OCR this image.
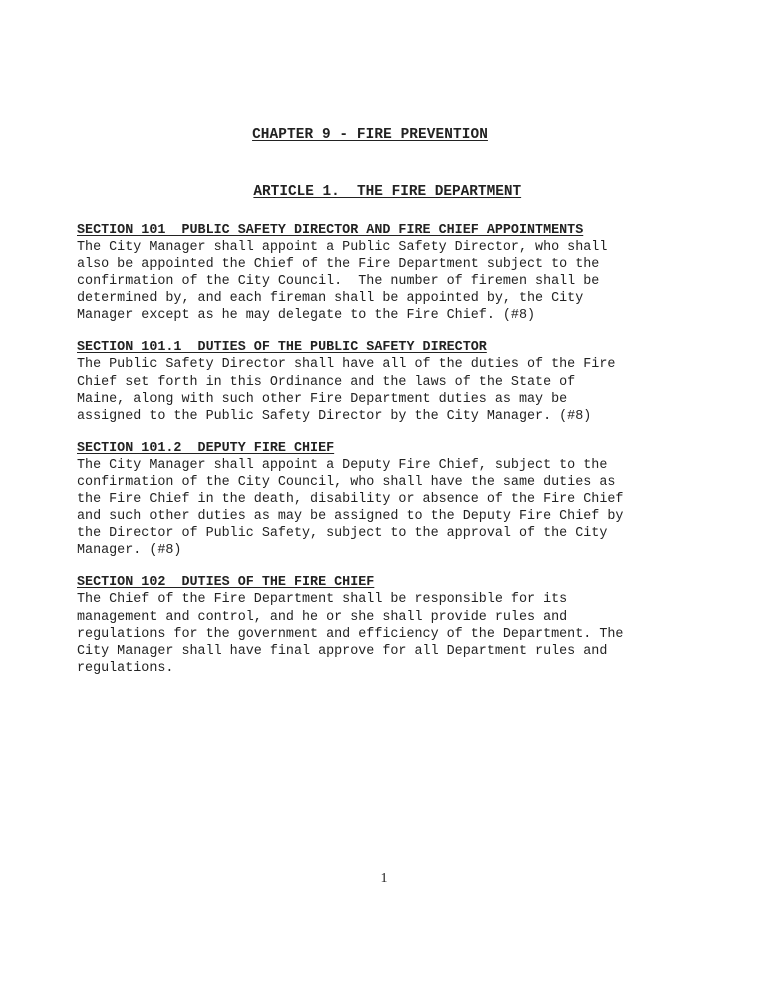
CHAPTER 9 - FIRE PREVENTION

ARTICLE 1.  THE FIRE DEPARTMENT

SECTION 101  PUBLIC SAFETY DIRECTOR AND FIRE CHIEF APPOINTMENTS
The City Manager shall appoint a Public Safety Director, who shall
also be appointed the Chief of the Fire Department subject to the
confirmation of the City Council.  The number of firemen shall be
determined by, and each fireman shall be appointed by, the City
Manager except as he may delegate to the Fire Chief. (#8)
SECTION 101.1  DUTIES OF THE PUBLIC SAFETY DIRECTOR
The Public Safety Director shall have all of the duties of the Fire
Chief set forth in this Ordinance and the laws of the State of
Maine, along with such other Fire Department duties as may be
assigned to the Public Safety Director by the City Manager. (#8)
SECTION 101.2  DEPUTY FIRE CHIEF
The City Manager shall appoint a Deputy Fire Chief, subject to the
confirmation of the City Council, who shall have the same duties as
the Fire Chief in the death, disability or absence of the Fire Chief
and such other duties as may be assigned to the Deputy Fire Chief by
the Director of Public Safety, subject to the approval of the City
Manager. (#8)
SECTION 102  DUTIES OF THE FIRE CHIEF
The Chief of the Fire Department shall be responsible for its
management and control, and he or she shall provide rules and
regulations for the government and efficiency of the Department. The
City Manager shall have final approve for all Department rules and
regulations.
1
